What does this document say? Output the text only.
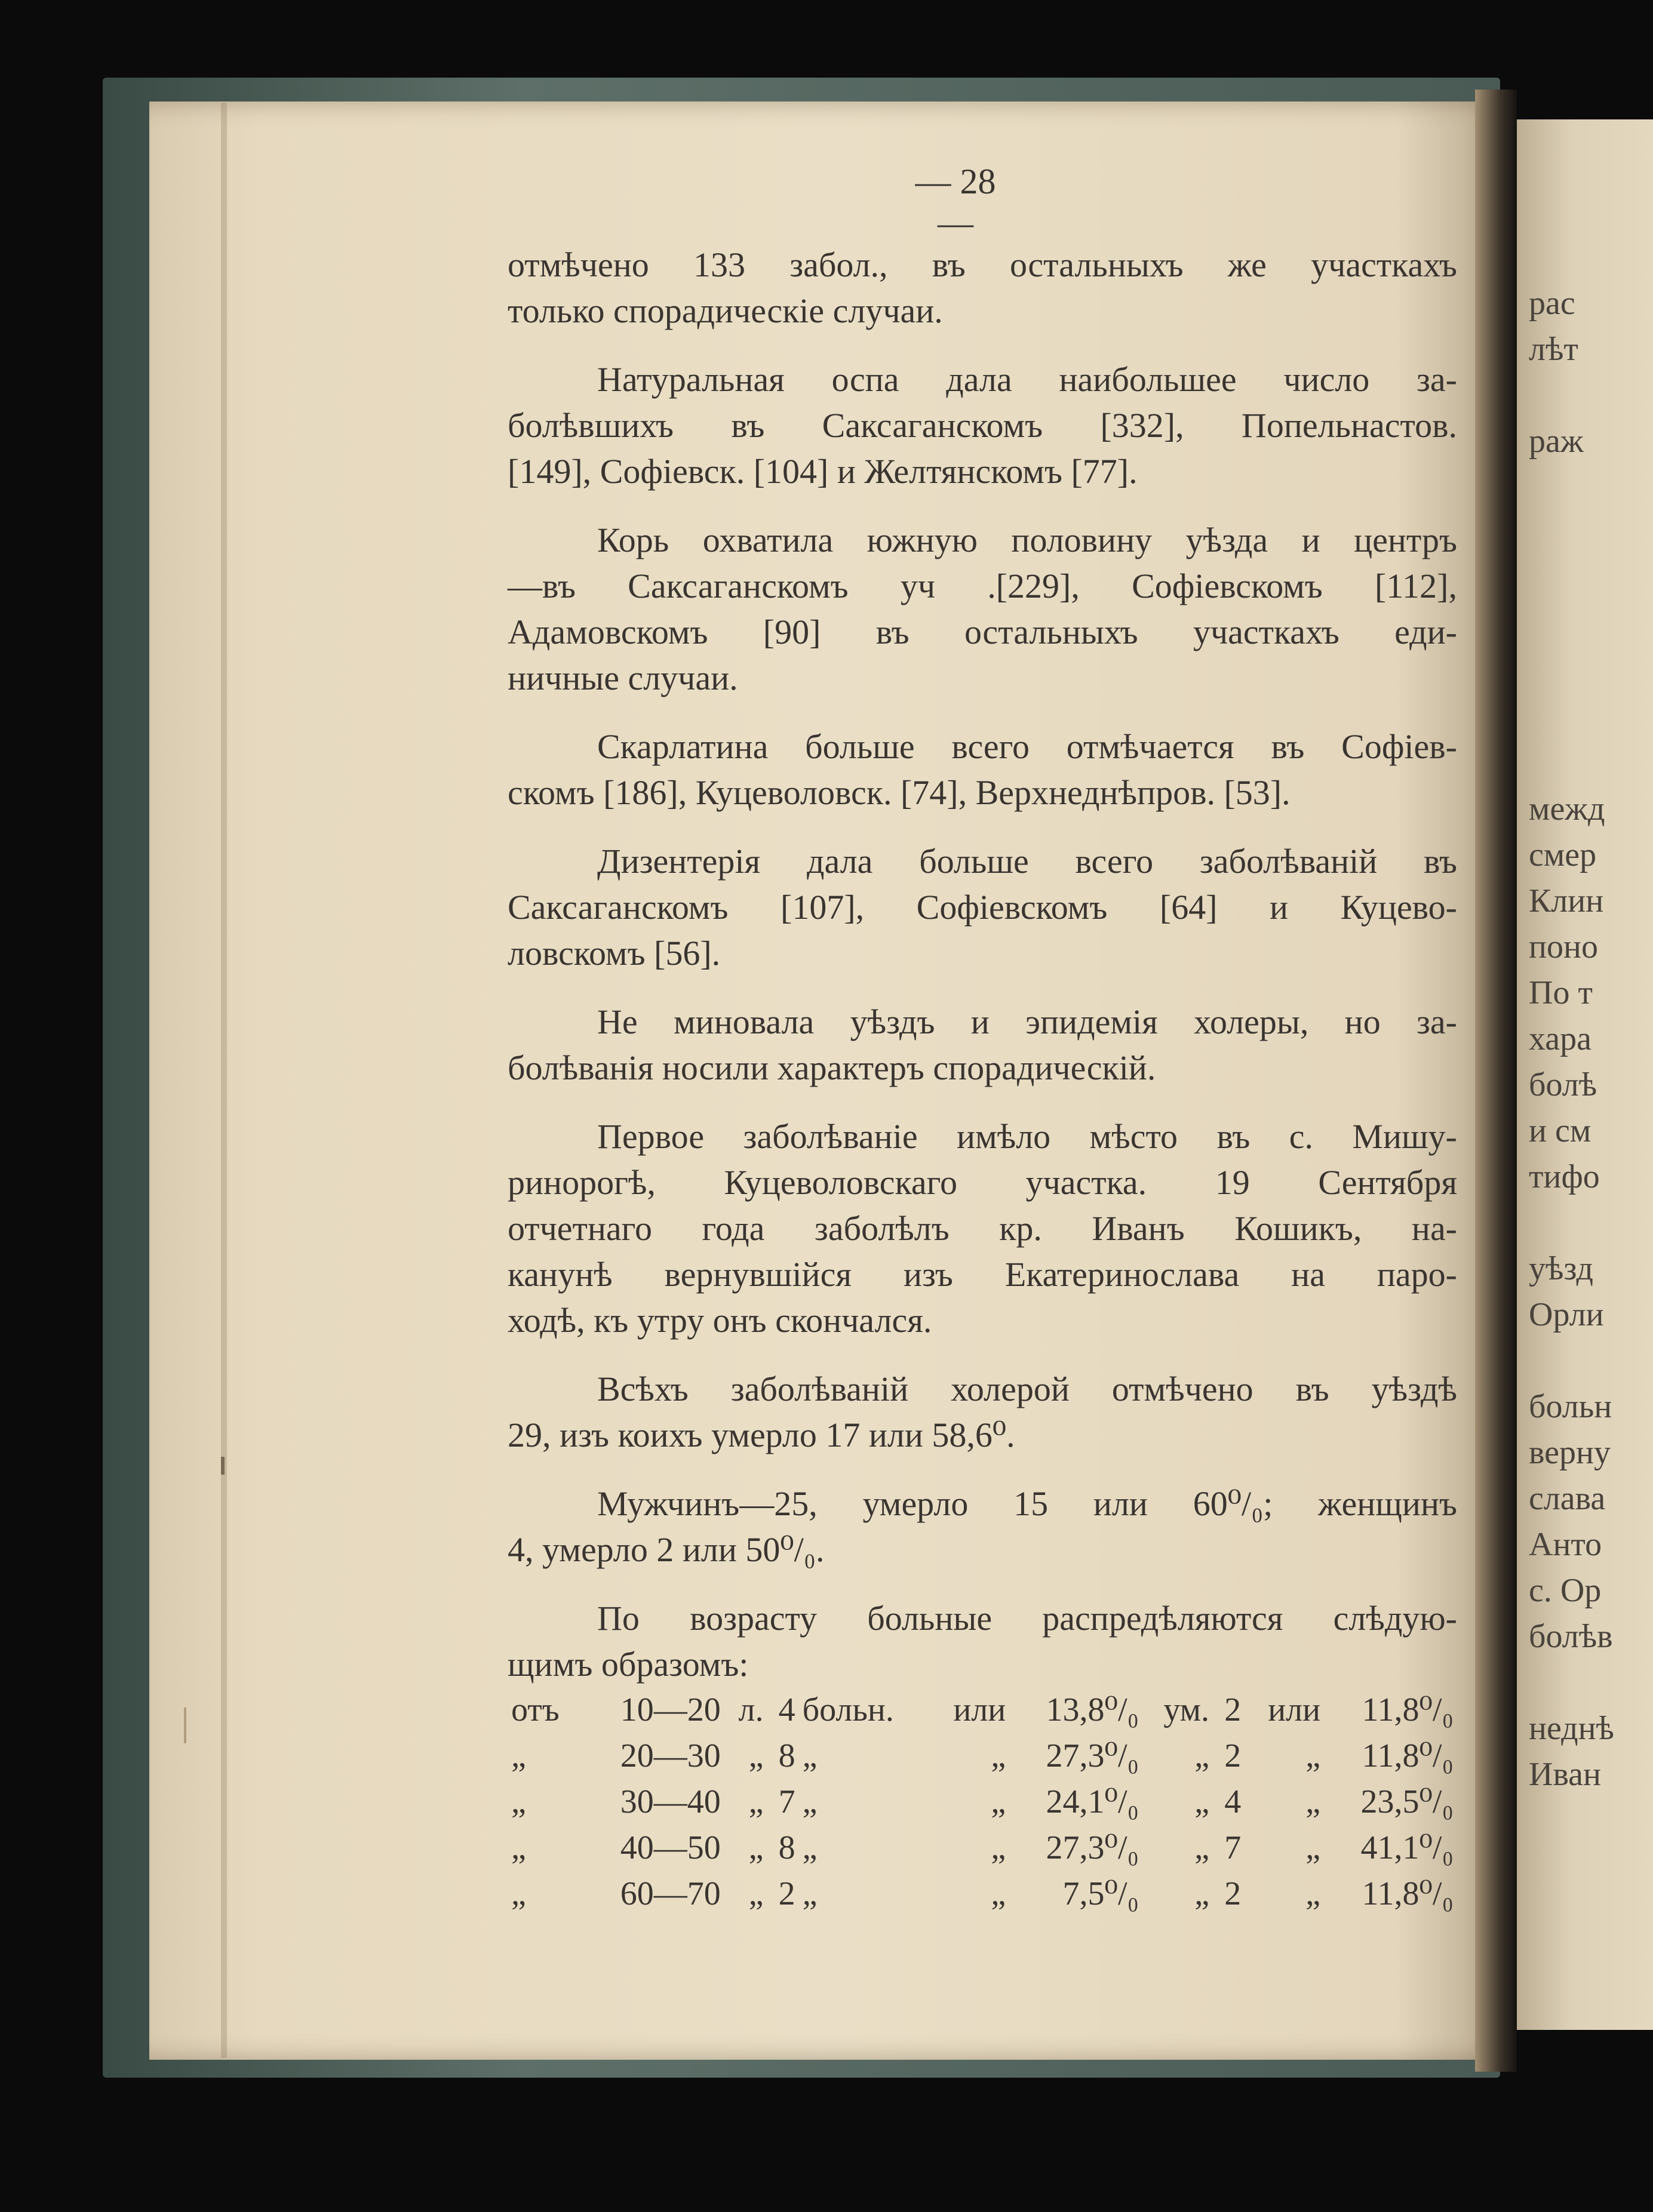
— 28 —
отмѣчено 133 забол., въ остальныхъ же участкахъ
только спорадическіе случаи.
Натуральная оспа дала наибольшее число за-
болѣвшихъ въ Саксаганскомъ [332], Попельнастов.
[149], Софіевск. [104] и Желтянскомъ [77].
Корь охватила южную половину уѣзда и центръ
—въ Саксаганскомъ уч .[229], Софіевскомъ [112],
Адамовскомъ [90] въ остальныхъ участкахъ еди-
ничные случаи.
Скарлатина больше всего отмѣчается въ Софіев-
скомъ [186], Куцеволовск. [74], Верхнеднѣпров. [53].
Дизентерія дала больше всего заболѣваній въ
Саксаганскомъ [107], Софіевскомъ [64] и Куцево-
ловскомъ [56].
Не миновала уѣздъ и эпидемія холеры, но за-
болѣванія носили характеръ спорадическій.
Первое заболѣваніе имѣло мѣсто въ с. Мишу-
ринорогѣ, Куцеволовскаго участка. 19 Сентября
отчетнаго года заболѣлъ кр. Иванъ Кошикъ, на-
канунѣ вернувшійся изъ Екатеринослава на паро-
ходѣ, къ утру онъ скончался.
Всѣхъ заболѣваній холерой отмѣчено въ уѣздѣ
29, изъ коихъ умерло 17 или 58,6⁰.
Мужчинъ—25, умерло 15 или 60⁰/₀; женщинъ
4, умерло 2 или 50⁰/₀.
По возрасту больные распредѣляются слѣдую-
щимъ образомъ:
отъ	10—20	л.	4	больн.	или	13,8⁰/₀	ум.	2	или	11,8⁰/₀
„	20—30	„	8	„	„	27,3⁰/₀	„	2	„	11,8⁰/₀
„	30—40	„	7	„	„	24,1⁰/₀	„	4	„	23,5⁰/₀
„	40—50	„	8	„	„	27,3⁰/₀	„	7	„	41,1⁰/₀
„	60—70	„	2	„	„	7,5⁰/₀	„	2	„	11,8⁰/₀
рас
лѣт
раж
межд
смер
Клин
поно
По т
хара
болѣ
и см
тифо
уѣзд
Орли
больн
верну
слава
Анто
с. Ор
болѣв
неднѣ
Иван
